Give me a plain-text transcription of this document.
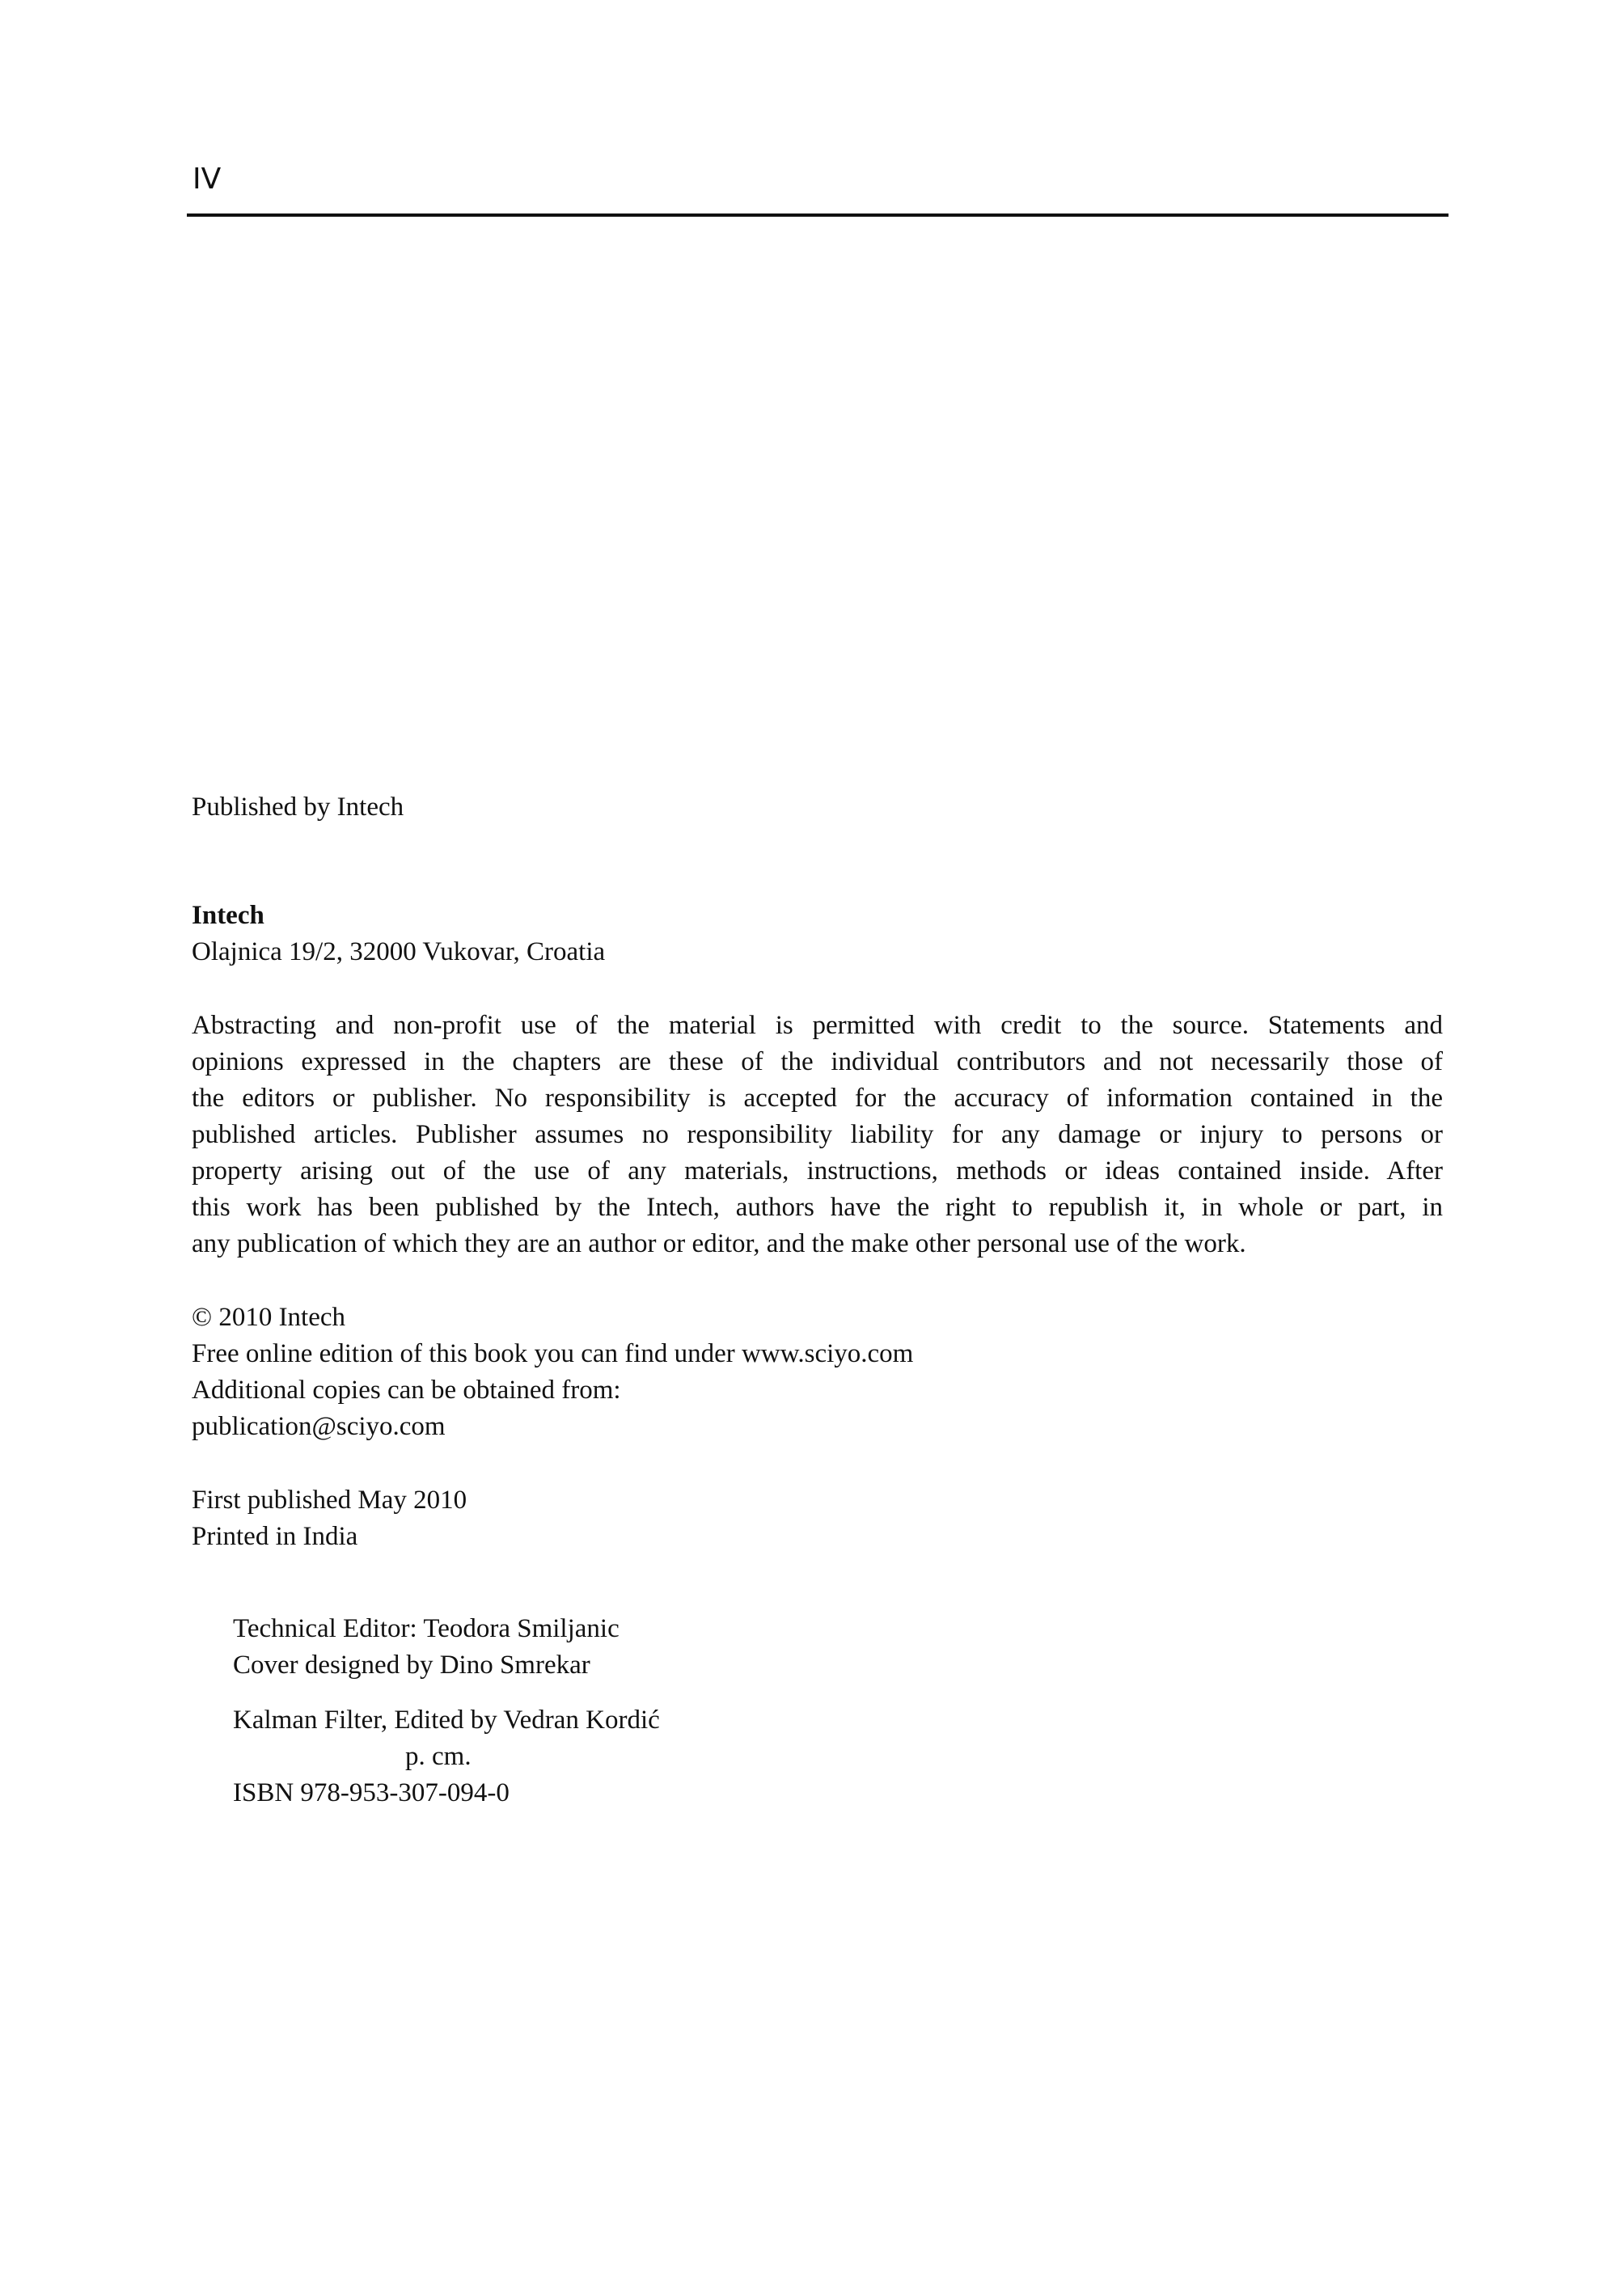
IV
Published by Intech
Intech
Olajnica 19/2, 32000 Vukovar, Croatia
Abstracting and non-profit use of the material is permitted with credit to the source. Statements and
opinions expressed in the chapters are these of the individual contributors and not necessarily those of
the editors or publisher. No responsibility is accepted for the accuracy of information contained in the
published articles. Publisher assumes no responsibility liability for any damage or injury to persons or
property arising out of the use of any materials, instructions, methods or ideas contained inside. After
this work has been published by the Intech, authors have the right to republish it, in whole or part, in
any publication of which they are an author or editor, and the make other personal use of the work.
© 2010 Intech
Free online edition of this book you can find under www.sciyo.com
Additional copies can be obtained from:
publication@sciyo.com
First published May 2010
Printed in India
Technical Editor: Teodora Smiljanic
Cover designed by Dino Smrekar
Kalman Filter, Edited by Vedran Kordić
p. cm.
ISBN 978-953-307-094-0
